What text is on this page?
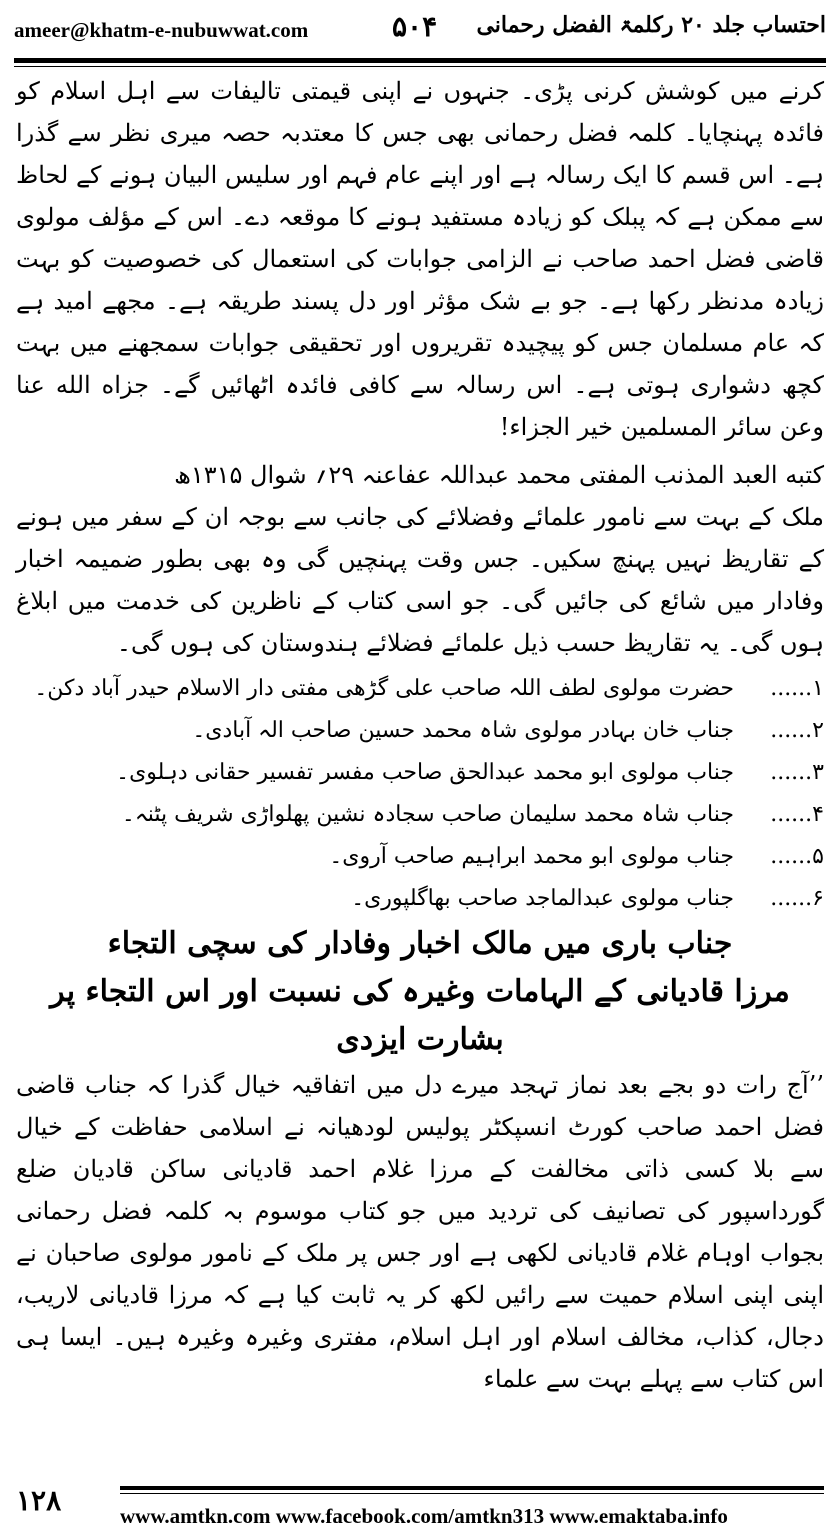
ameer@khatm-e-nubuwwat.com	۵۰۴ احتساب جلد ۲۰ رکلمۃ الفضل رحمانی

کرنے میں کوشش کرنی پڑی۔ جنہوں نے اپنی قیمتی تالیفات سے اہل اسلام کو فائدہ پہنچایا۔ کلمہ فضل رحمانی بھی جس کا معتدبہ حصہ میری نظر سے گذرا ہے۔ اس قسم کا ایک رسالہ ہے اور اپنے عام فہم اور سلیس البیان ہونے کے لحاظ سے ممکن ہے کہ پبلک کو زیادہ مستفید ہونے کا موقعہ دے۔ اس کے مؤلف مولوی قاضی فضل احمد صاحب نے الزامی جوابات کی استعمال کی خصوصیت کو بہت زیادہ مدنظر رکھا ہے۔ جو بے شک مؤثر اور دل پسند طریقہ ہے۔ مجھے امید ہے کہ عام مسلمان جس کو پیچیدہ تقریروں اور تحقیقی جوابات سمجھنے میں بہت کچھ دشواری ہوتی ہے۔ اس رسالہ سے کافی فائدہ اٹھائیں گے۔ جزاه الله عنا وعن سائر المسلمين خير الجزاء!

كتبه العبد المذنب المفتی محمد عبداللہ عفاعنہ ۲۹؍ شوال ۱۳۱۵ھ

ملک کے بہت سے نامور علمائے وفضلائے کی جانب سے بوجہ ان کے سفر میں ہونے کے تقاریظ نہیں پہنچ سکیں۔ جس وقت پہنچیں گی وہ بھی بطور ضمیمہ اخبار وفادار میں شائع کی جائیں گی۔ جو اسی کتاب کے ناظرین کی خدمت میں ابلاغ ہوں گی۔ یہ تقاریظ حسب ذیل علمائے فضلائے ہندوستان کی ہوں گی۔

۱......
حضرت مولوی لطف اللہ صاحب علی گڑھی مفتی دار الاسلام حیدر آباد دکن۔
۲......
جناب خان بہادر مولوی شاہ محمد حسین صاحب الہ آبادی۔
۳......
جناب مولوی ابو محمد عبدالحق صاحب مفسر تفسیر حقانی دہلوی۔
۴......
جناب شاہ محمد سلیمان صاحب سجادہ نشین پھلواڑی شریف پٹنہ۔
۵......
جناب مولوی ابو محمد ابراہیم صاحب آروی۔
۶......
جناب مولوی عبدالماجد صاحب بھاگلپوری۔

جناب باری میں مالک اخبار وفادار کی سچی التجاء

مرزا قادیانی کے الہامات وغیرہ کی نسبت اور اس التجاء پر بشارت ایزدی

’’آج رات دو بجے بعد نماز تہجد میرے دل میں اتفاقیہ خیال گذرا کہ جناب قاضی فضل احمد صاحب کورٹ انسپکٹر پولیس لودھیانہ نے اسلامی حفاظت کے خیال سے بلا کسی ذاتی مخالفت کے مرزا غلام احمد قادیانی ساکن قادیان ضلع گورداسپور کی تصانیف کی تردید میں جو کتاب موسوم بہ کلمہ فضل رحمانی بجواب اوہام غلام قادیانی لکھی ہے اور جس پر ملک کے نامور مولوی صاحبان نے اپنی اپنی اسلام حمیت سے رائیں لکھ کر یہ ثابت کیا ہے کہ مرزا قادیانی لاریب، دجال، کذاب، مخالف اسلام اور اہل اسلام، مفتری وغیرہ وغیرہ ہیں۔ ایسا ہی اس کتاب سے پہلے بہت سے علماء

۱۲۸	www.amtkn.com www.facebook.com/amtkn313 www.emaktaba.info
